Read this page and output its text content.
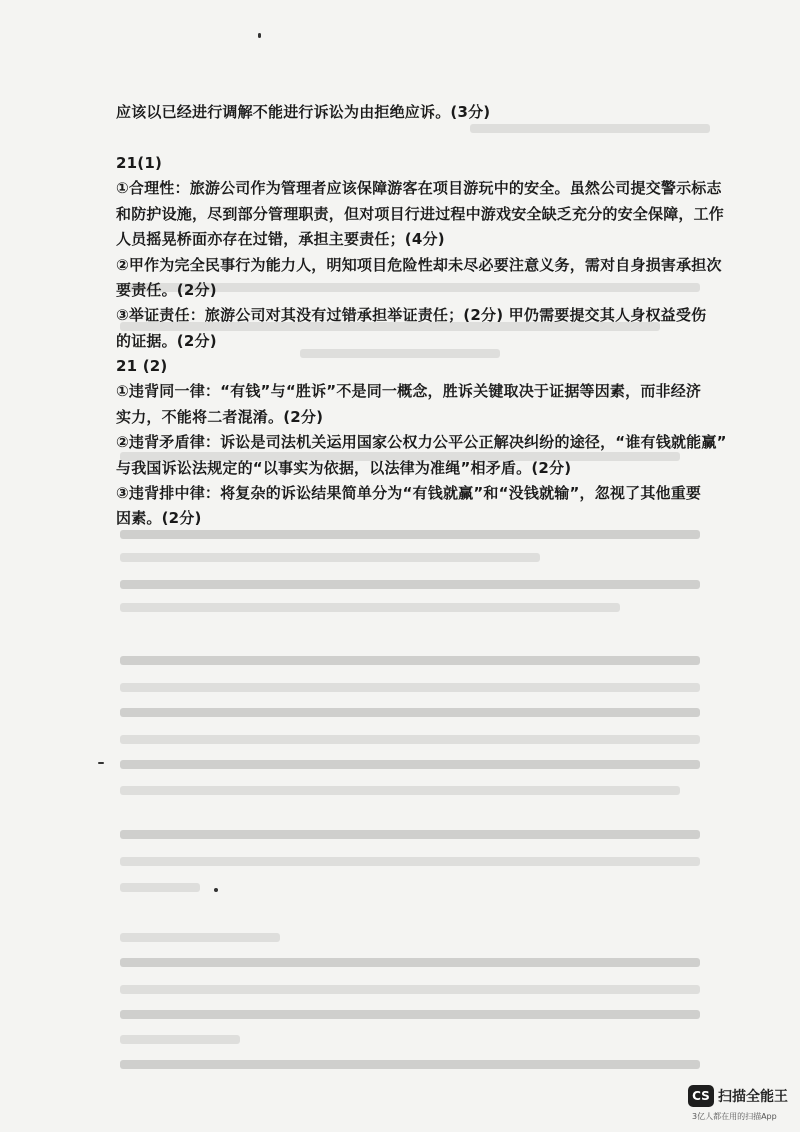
应该以已经进行调解不能进行诉讼为由拒绝应诉。(3分)
21(1)
①合理性：旅游公司作为管理者应该保障游客在项目游玩中的安全。虽然公司提交警示标志
和防护设施，尽到部分管理职责，但对项目行进过程中游戏安全缺乏充分的安全保障，工作
人员摇晃桥面亦存在过错，承担主要责任；(4分)
②甲作为完全民事行为能力人，明知项目危险性却未尽必要注意义务，需对自身损害承担次
要责任。(2分)
③举证责任：旅游公司对其没有过错承担举证责任；(2分) 甲仍需要提交其人身权益受伤
的证据。(2分)
21 (2)
①违背同一律：“有钱”与“胜诉”不是同一概念，胜诉关键取决于证据等因素，而非经济
实力，不能将二者混淆。(2分)
②违背矛盾律：诉讼是司法机关运用国家公权力公平公正解决纠纷的途径，“谁有钱就能赢”
与我国诉讼法规定的“以事实为依据，以法律为准绳”相矛盾。(2分)
③违背排中律：将复杂的诉讼结果简单分为“有钱就赢”和“没钱就输”，忽视了其他重要
因素。(2分)
CS 扫描全能王
3亿人都在用的扫描App
